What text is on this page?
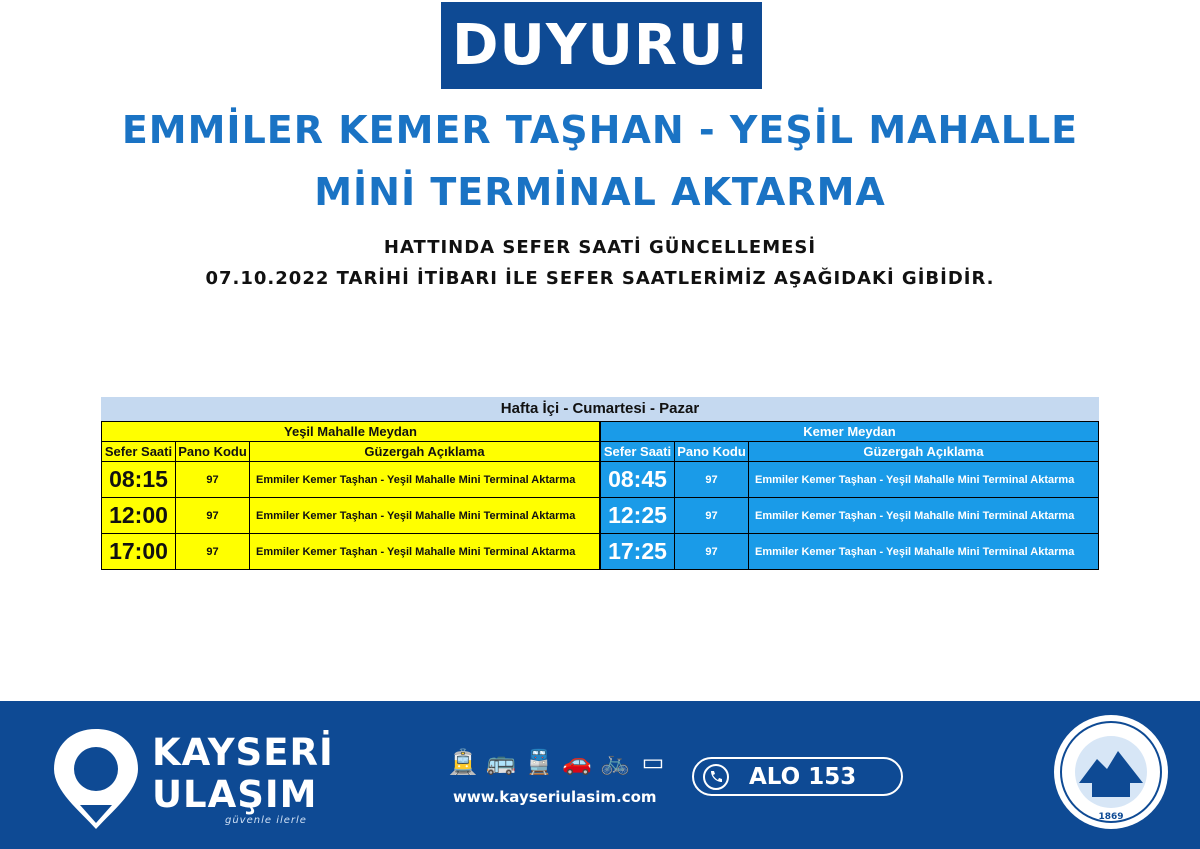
DUYURU!
EMMİLER KEMER TAŞHAN - YEŞİL MAHALLE
MİNİ TERMİNAL AKTARMA
HATTINDA SEFER SAATİ GÜNCELLEMESİ
07.10.2022 TARİHİ İTİBARI İLE SEFER SAATLERİMİZ AŞAĞIDAKİ GİBİDİR.
Hafta İçi - Cumartesi - Pazar
Yeşil Mahalle Meydan		
Sefer Saati	Pano Kodu	Güzergah Açıklama
08:15	97	Emmiler Kemer Taşhan - Yeşil Mahalle Mini Terminal Aktarma
12:00	97	Emmiler Kemer Taşhan - Yeşil Mahalle Mini Terminal Aktarma
17:00	97	Emmiler Kemer Taşhan - Yeşil Mahalle Mini Terminal Aktarma
Kemer Meydan		
Sefer Saati	Pano Kodu	Güzergah Açıklama
08:45	97	Emmiler Kemer Taşhan - Yeşil Mahalle Mini Terminal Aktarma
12:25	97	Emmiler Kemer Taşhan - Yeşil Mahalle Mini Terminal Aktarma
17:25	97	Emmiler Kemer Taşhan - Yeşil Mahalle Mini Terminal Aktarma
KAYSERİ
ULAŞIM
güvenle ilerle
🚊 🚌 🚆 🚗 🚲 ▭
www.kayseriulasim.com
ALO 153
1869
